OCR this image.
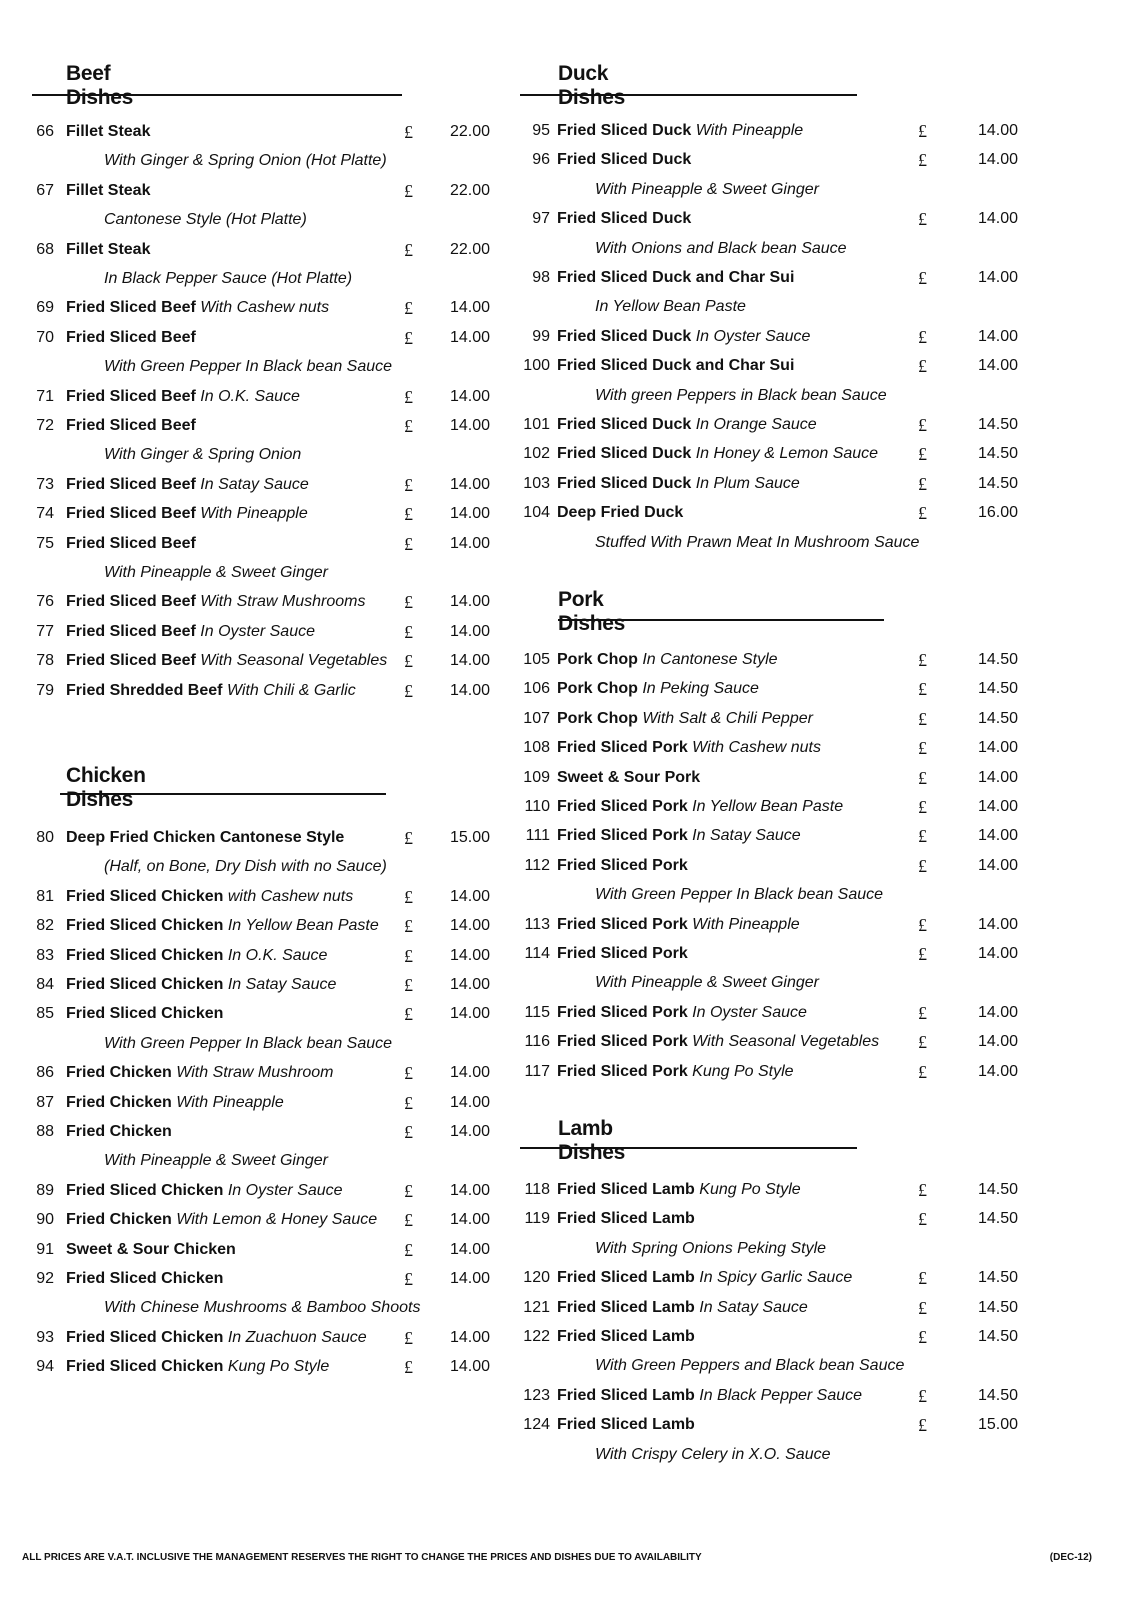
Beef Dishes
66 Fillet Steak	£	22.00
With Ginger & Spring Onion (Hot Platte)
67 Fillet Steak	£	22.00
Cantonese Style (Hot Platte)
68 Fillet Steak	£	22.00
In Black Pepper Sauce (Hot Platte)
69 Fried Sliced Beef With Cashew nuts	£	14.00
70 Fried Sliced Beef	£	14.00
With Green Pepper In Black bean Sauce
71 Fried Sliced Beef In O.K. Sauce	£	14.00
72 Fried Sliced Beef	£	14.00
With Ginger & Spring Onion
73 Fried Sliced Beef In Satay Sauce	£	14.00
74 Fried Sliced Beef With Pineapple	£	14.00
75 Fried Sliced Beef	£	14.00
With Pineapple & Sweet Ginger
76 Fried Sliced Beef With Straw Mushrooms £	14.00
77 Fried Sliced Beef In Oyster Sauce	£	14.00
78 Fried Sliced Beef With Seasonal Vegetables £	14.00
79 Fried Shredded Beef With Chili & Garlic	£	14.00
Chicken Dishes
80 Deep Fried Chicken Cantonese Style	£	15.00
(Half, on Bone, Dry Dish with no Sauce)
81 Fried Sliced Chicken with Cashew nuts	£	14.00
82 Fried Sliced Chicken In Yellow Bean Paste £	14.00
83 Fried Sliced Chicken In O.K. Sauce	£	14.00
84 Fried Sliced Chicken In Satay Sauce	£	14.00
85 Fried Sliced Chicken	£	14.00
With Green Pepper In Black bean Sauce
86 Fried Chicken With Straw Mushroom	£	14.00
87 Fried Chicken With Pineapple	£	14.00
88 Fried Chicken	£	14.00
With Pineapple & Sweet Ginger
89 Fried Sliced Chicken In Oyster Sauce	£	14.00
90 Fried Chicken With Lemon & Honey Sauce £	14.00
91 Sweet & Sour Chicken	£	14.00
92 Fried Sliced Chicken	£	14.00
With Chinese Mushrooms & Bamboo Shoots
93 Fried Sliced Chicken In Zuachuon Sauce £	14.00
94 Fried Sliced Chicken Kung Po Style	£	14.00
Duck Dishes
95 Fried Sliced Duck With Pineapple	£	14.00
96 Fried Sliced Duck	£	14.00
With Pineapple & Sweet Ginger
97 Fried Sliced Duck	£	14.00
With Onions and Black bean Sauce
98 Fried Sliced Duck and Char Sui	£	14.00
In Yellow Bean Paste
99 Fried Sliced Duck In Oyster Sauce	£	14.00
100 Fried Sliced Duck and Char Sui	£	14.00
With green Peppers in Black bean Sauce
101 Fried Sliced Duck In Orange Sauce	£	14.50
102 Fried Sliced Duck In Honey & Lemon Sauce £	14.50
103 Fried Sliced Duck In Plum Sauce	£	14.50
104 Deep Fried Duck	£	16.00
Stuffed With Prawn Meat In Mushroom Sauce
Pork Dishes
105 Pork Chop In Cantonese Style	£	14.50
106 Pork Chop In Peking Sauce	£	14.50
107 Pork Chop With Salt & Chili Pepper	£	14.50
108 Fried Sliced Pork With Cashew nuts	£	14.00
109 Sweet & Sour Pork	£	14.00
110 Fried Sliced Pork In Yellow Bean Paste	£	14.00
111 Fried Sliced Pork In Satay Sauce	£	14.00
112 Fried Sliced Pork	£	14.00
With Green Pepper In Black bean Sauce
113 Fried Sliced Pork With Pineapple	£	14.00
114 Fried Sliced Pork	£	14.00
With Pineapple & Sweet Ginger
115 Fried Sliced Pork In Oyster Sauce	£	14.00
116 Fried Sliced Pork With Seasonal Vegetables £	14.00
117 Fried Sliced Pork Kung Po Style	£	14.00
Lamb Dishes
118 Fried Sliced Lamb Kung Po Style	£	14.50
119 Fried Sliced Lamb	£	14.50
With Spring Onions Peking Style
120 Fried Sliced Lamb In Spicy Garlic Sauce	£	14.50
121 Fried Sliced Lamb In Satay Sauce	£	14.50
122 Fried Sliced Lamb	£	14.50
With Green Peppers and Black bean Sauce
123 Fried Sliced Lamb In Black Pepper Sauce	£	14.50
124 Fried Sliced Lamb	£	15.00
With Crispy Celery in X.O. Sauce
ALL PRICES ARE V.A.T. INCLUSIVE THE MANAGEMENT RESERVES THE RIGHT TO CHANGE THE PRICES AND DISHES DUE TO AVAILABILITY	(DEC-12)
